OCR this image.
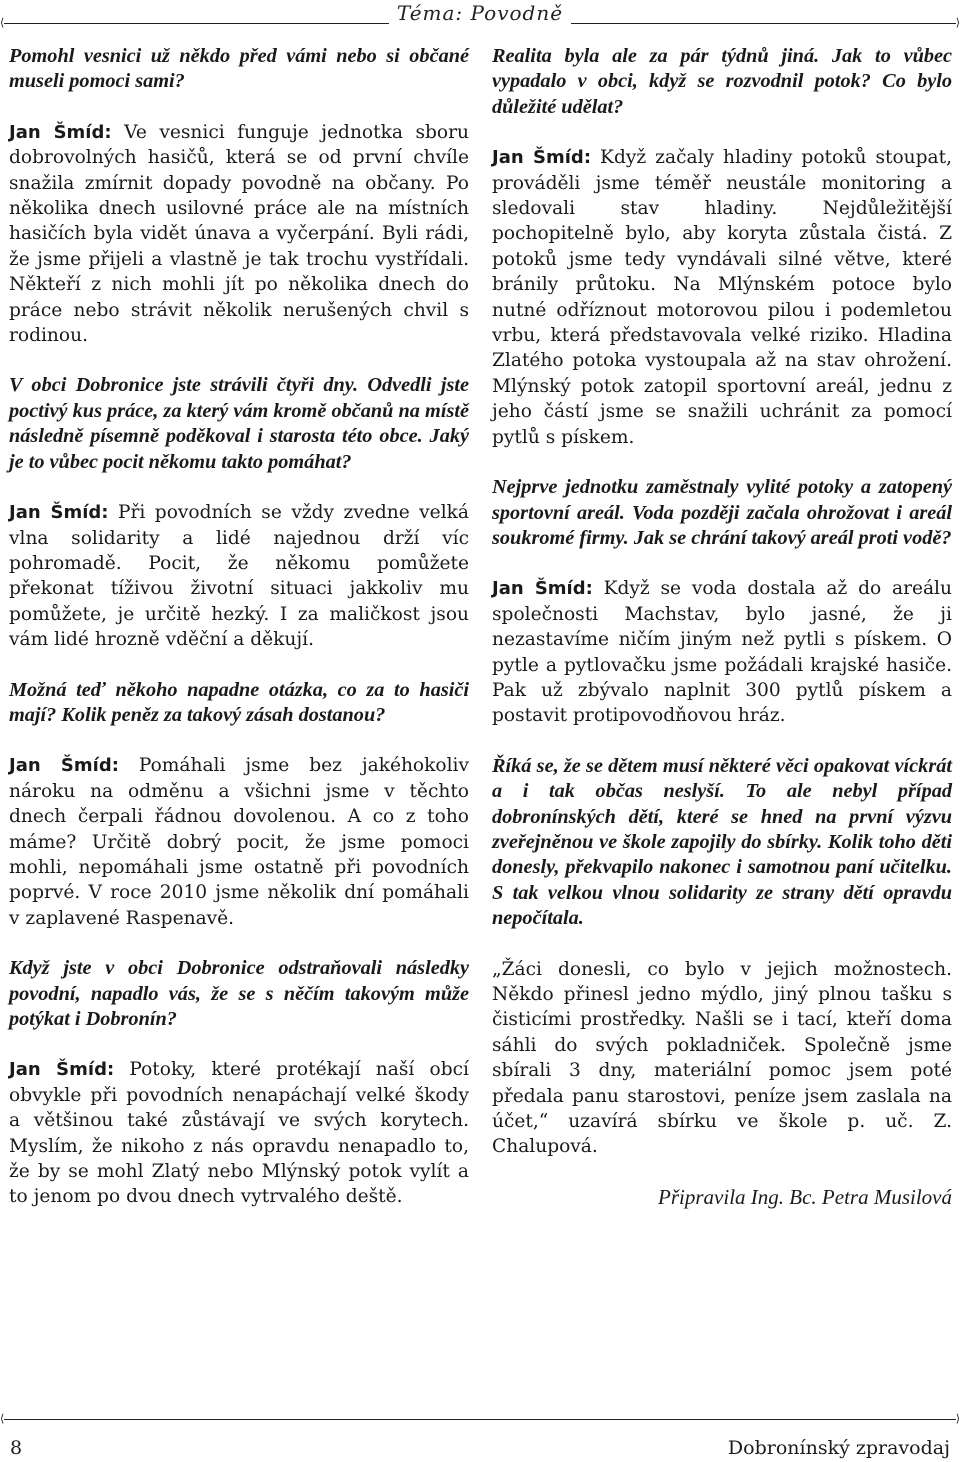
⟨	⟩
Téma: Povodně

Pomohl vesnici už někdo před vámi nebo si občané museli pomoci sami?

Jan Šmíd: Ve vesnici funguje jednotka sboru dobrovolných hasičů, která se od první chvíle snažila zmírnit dopady povodně na občany. Po několika dnech usilovné práce ale na místních hasičích byla vidět únava a vyčerpání. Byli rádi, že jsme přijeli a vlastně je tak trochu vystřídali. Někteří z nich mohli jít po několika dnech do práce nebo strávit několik nerušených chvil s rodinou.

V obci Dobronice jste strávili čtyři dny. Odvedli jste poctivý kus práce, za který vám kromě občanů na místě následně písemně poděkoval i starosta této obce. Jaký je to vůbec pocit někomu takto pomáhat?

Jan Šmíd: Při povodních se vždy zvedne velká vlna solidarity a lidé najednou drží víc pohromadě. Pocit, že někomu pomůžete překonat tíživou životní situaci jakkoliv mu pomůžete, je určitě hezký. I za maličkost jsou vám lidé hrozně vděční a děkují.

Možná teď někoho napadne otázka, co za to hasiči mají? Kolik peněz za takový zásah dostanou?

Jan Šmíd: Pomáhali jsme bez jakéhokoliv nároku na odměnu a všichni jsme v těchto dnech čerpali řádnou dovolenou. A co z toho máme? Určitě dobrý pocit, že jsme pomoci mohli, nepomáhali jsme ostatně při povodních poprvé. V roce 2010 jsme několik dní pomáhali v zaplavené Raspenavě.

Když jste v obci Dobronice odstraňovali následky povodní, napadlo vás, že se s něčím takovým může potýkat i Dobronín?

Jan Šmíd: Potoky, které protékají naší obcí obvykle při povodních nenapáchají velké škody a většinou také zůstávají ve svých korytech. Myslím, že nikoho z nás opravdu nenapadlo to, že by se mohl Zlatý nebo Mlýnský potok vylít a to jenom po dvou dnech vytrvalého deště.

Realita byla ale za pár týdnů jiná. Jak to vůbec vypadalo v obci, když se rozvodnil potok? Co bylo důležité udělat?

Jan Šmíd: Když začaly hladiny potoků stoupat, prováděli jsme téměř neustále monitoring a sledovali stav hladiny. Nejdůležitější pochopitelně bylo, aby koryta zůstala čistá. Z potoků jsme tedy vyndávali silné větve, které bránily průtoku. Na Mlýnském potoce bylo nutné odříznout motorovou pilou i podemletou vrbu, která představovala velké riziko. Hladina Zlatého potoka vystoupala až na stav ohrožení. Mlýnský potok zatopil sportovní areál, jednu z jeho částí jsme se snažili uchránit za pomocí pytlů s pískem.

Nejprve jednotku zaměstnaly vylité potoky a zatopený sportovní areál. Voda později začala ohrožovat i areál soukromé firmy. Jak se chrání takový areál proti vodě?

Jan Šmíd: Když se voda dostala až do areálu společnosti Machstav, bylo jasné, že ji nezastavíme ničím jiným než pytli s pískem. O pytle a pytlovačku jsme požádali krajské hasiče. Pak už zbývalo naplnit 300 pytlů pískem a postavit protipovodňovou hráz.

Říká se, že se dětem musí některé věci opakovat víckrát a i tak občas neslyší. To ale nebyl případ dobronínských dětí, které se hned na první výzvu zveřejněnou ve škole zapojily do sbírky. Kolik toho děti donesly, překvapilo nakonec i samotnou paní učitelku. S tak velkou vlnou solidarity ze strany dětí opravdu nepočítala.

„Žáci donesli, co bylo v jejich možnostech. Někdo přinesl jedno mýdlo, jiný plnou tašku s čisticími prostředky. Našli se i tací, kteří doma sáhli do svých pokladniček. Společně jsme sbírali 3 dny, materiální pomoc jsem poté předala panu starostovi, peníze jsem zaslala na účet,“ uzavírá sbírku ve škole p. uč. Z. Chalupová.

Připravila Ing. Bc. Petra Musilová

⟨	⟩
8	Dobronínský zpravodaj
